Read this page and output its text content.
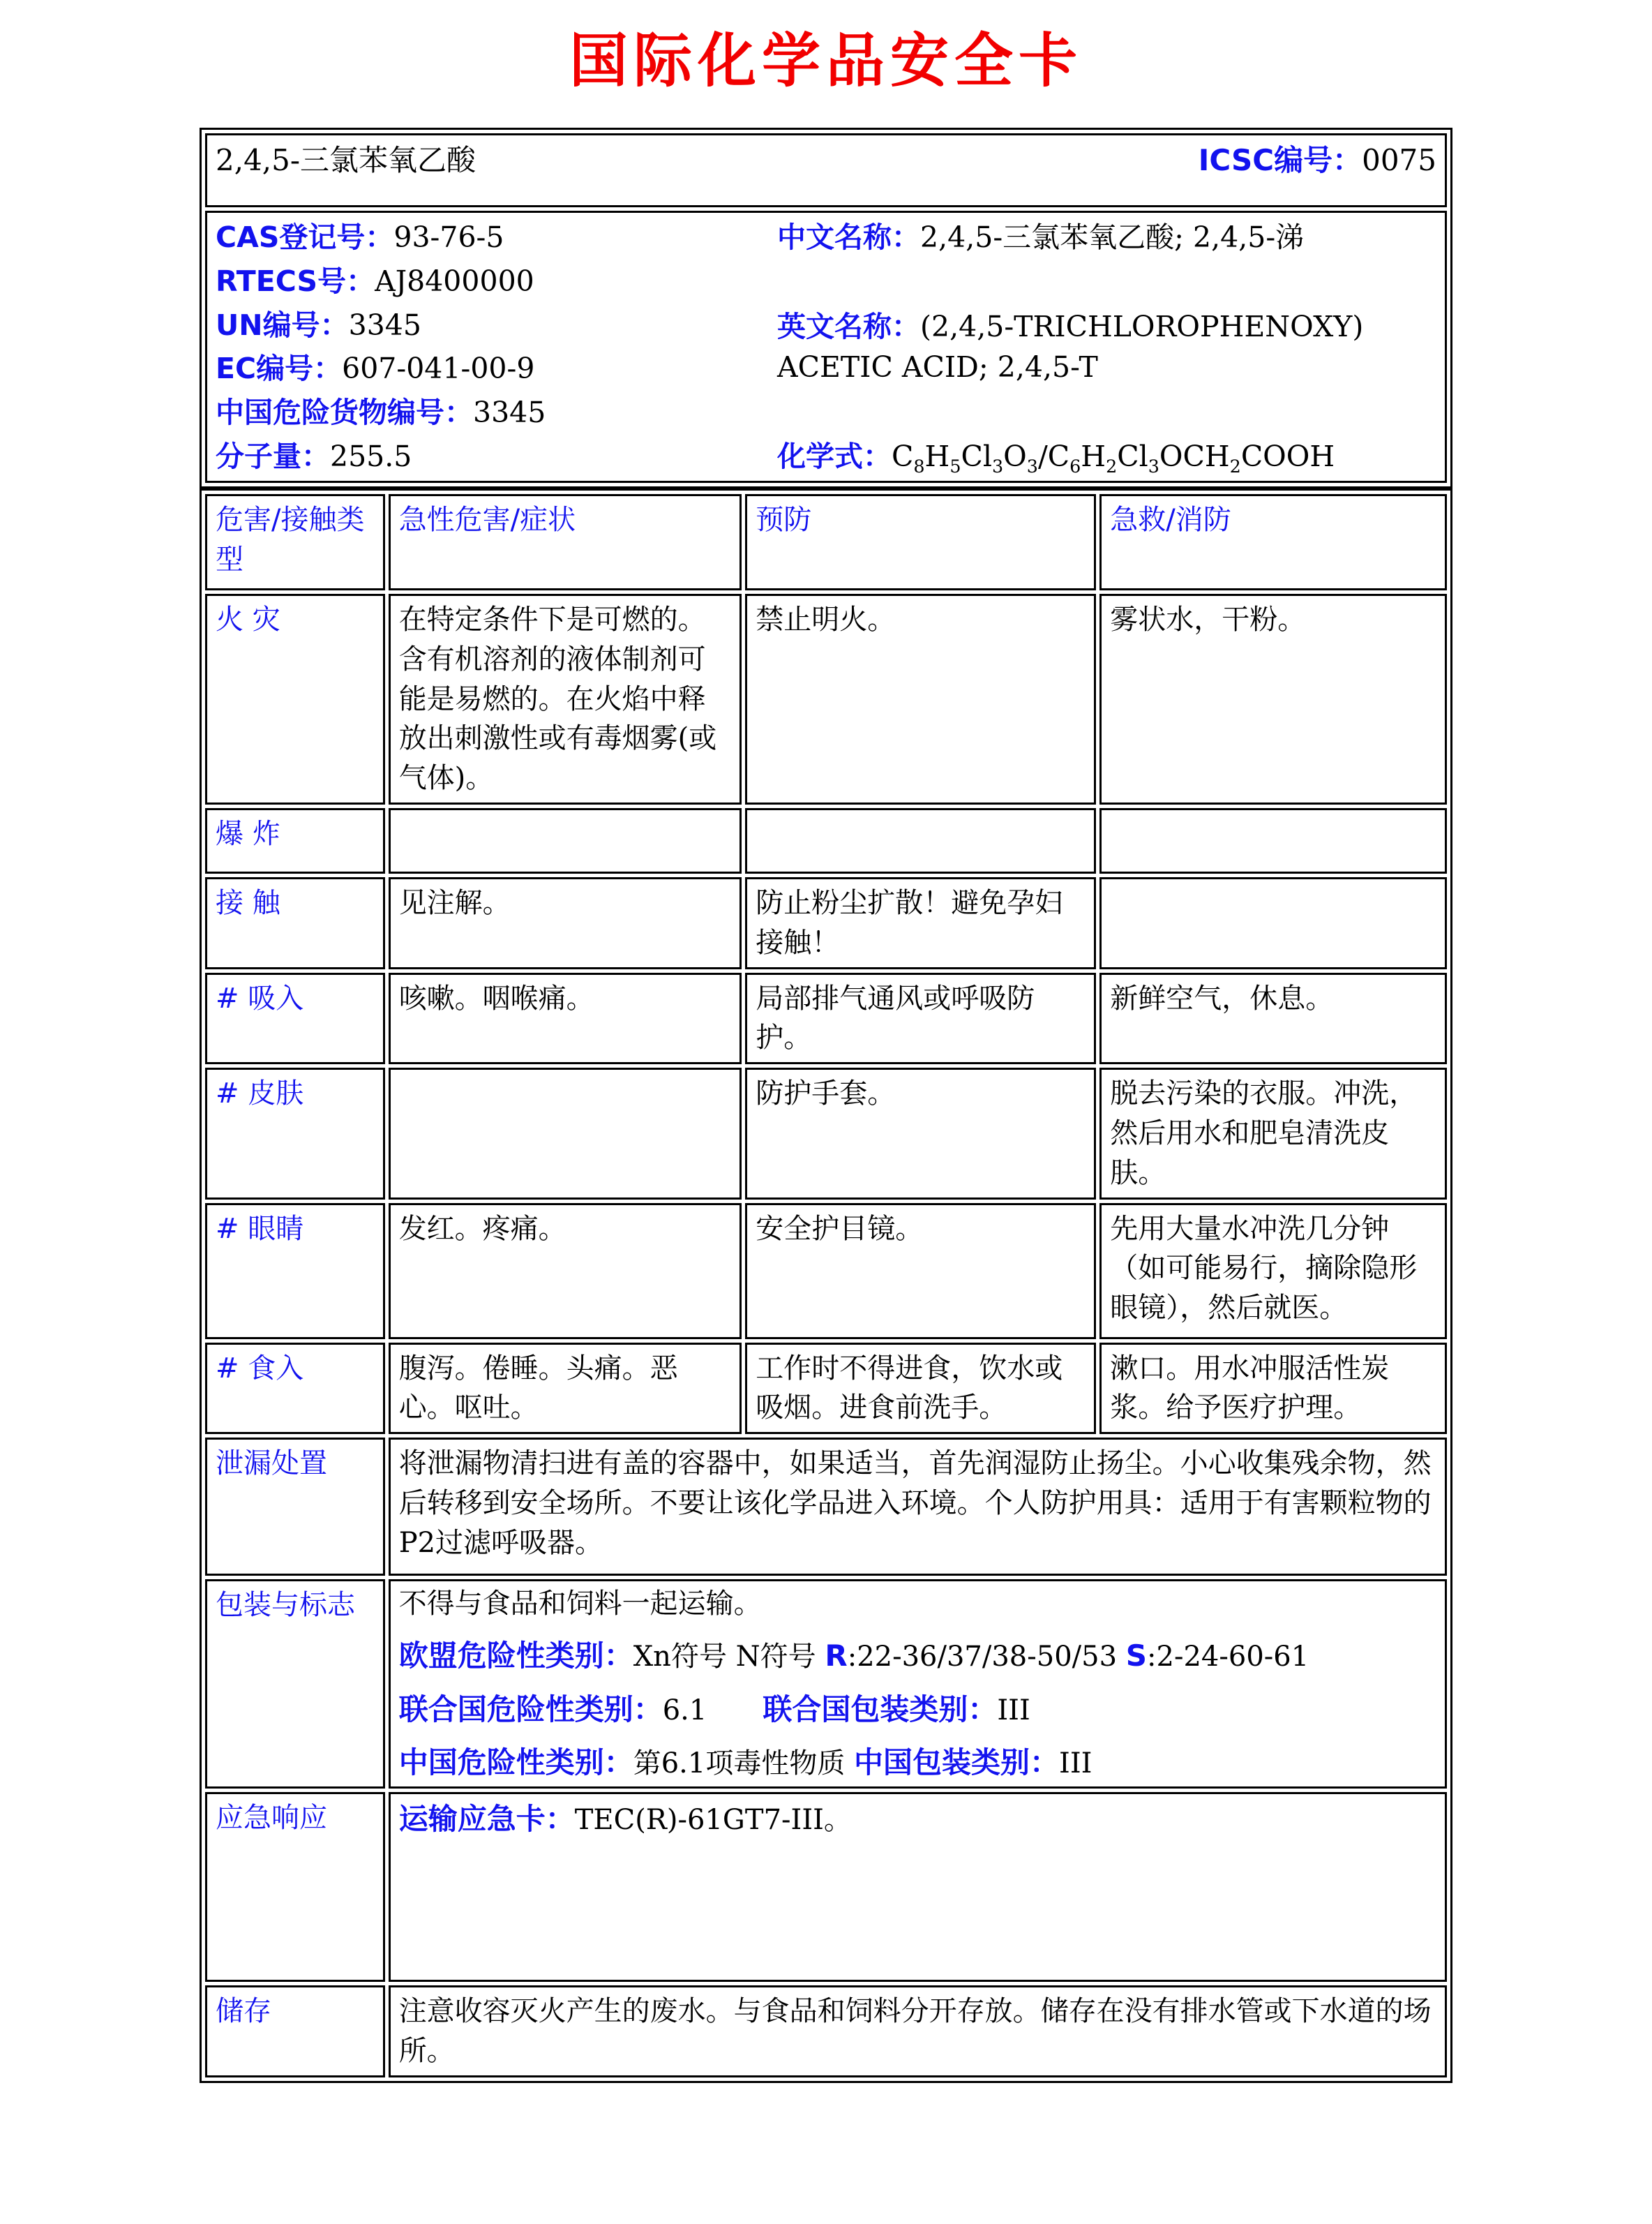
国际化学品安全卡
2,4,5-三氯苯氧乙酸	ICSC编号：0075

CAS登记号：93-76-5
RTECS号：AJ8400000
UN编号：3345
EC编号：607-041-00-9
中国危险货物编号：3345
分子量：255.5
中文名称：2,4,5-三氯苯氧乙酸; 2,4,5-涕
英文名称：(2,4,5-TRICHLOROPHENOXY) ACETIC ACID; 2,4,5-T
化学式：$C_8H_5Cl_3O_3/C_6H_2Cl_3OCH_2COOH$
危害/接触类型	急性危害/症状	预防	急救/消防
火 灾	在特定条件下是可燃的。含有机溶剂的液体制剂可能是易燃的。在火焰中释放出刺激性或有毒烟雾(或气体)。	禁止明火。	雾状水，干粉。
爆 炸			
接 触	见注解。	防止粉尘扩散！避免孕妇接触！	
# 吸入	咳嗽。咽喉痛。	局部排气通风或呼吸防护。	新鲜空气，休息。
# 皮肤		防护手套。	脱去污染的衣服。冲洗，然后用水和肥皂清洗皮肤。
# 眼睛	发红。疼痛。	安全护目镜。	先用大量水冲洗几分钟（如可能易行，摘除隐形眼镜），然后就医。
# 食入	腹泻。倦睡。头痛。恶心。呕吐。	工作时不得进食，饮水或吸烟。进食前洗手。	漱口。用水冲服活性炭浆。给予医疗护理。
泄漏处置	将泄漏物清扫进有盖的容器中，如果适当，首先润湿防止扬尘。小心收集残余物，然后转移到安全场所。不要让该化学品进入环境。个人防护用具：适用于有害颗粒物的P2过滤呼吸器。		
包装与标志	不得与食品和饲料一起运输。
欧盟危险性类别：Xn符号 N符号 R:22-36/37/38-50/53 S:2-24-60-61
联合国危险性类别：6.1　　联合国包装类别：III
中国危险性类别：第6.1项毒性物质 中国包装类别：III		

应急响应	运输应急卡：TEC(R)-61GT7-III。		

储存	注意收容灭火产生的废水。与食品和饲料分开存放。储存在没有排水管或下水道的场所。		
